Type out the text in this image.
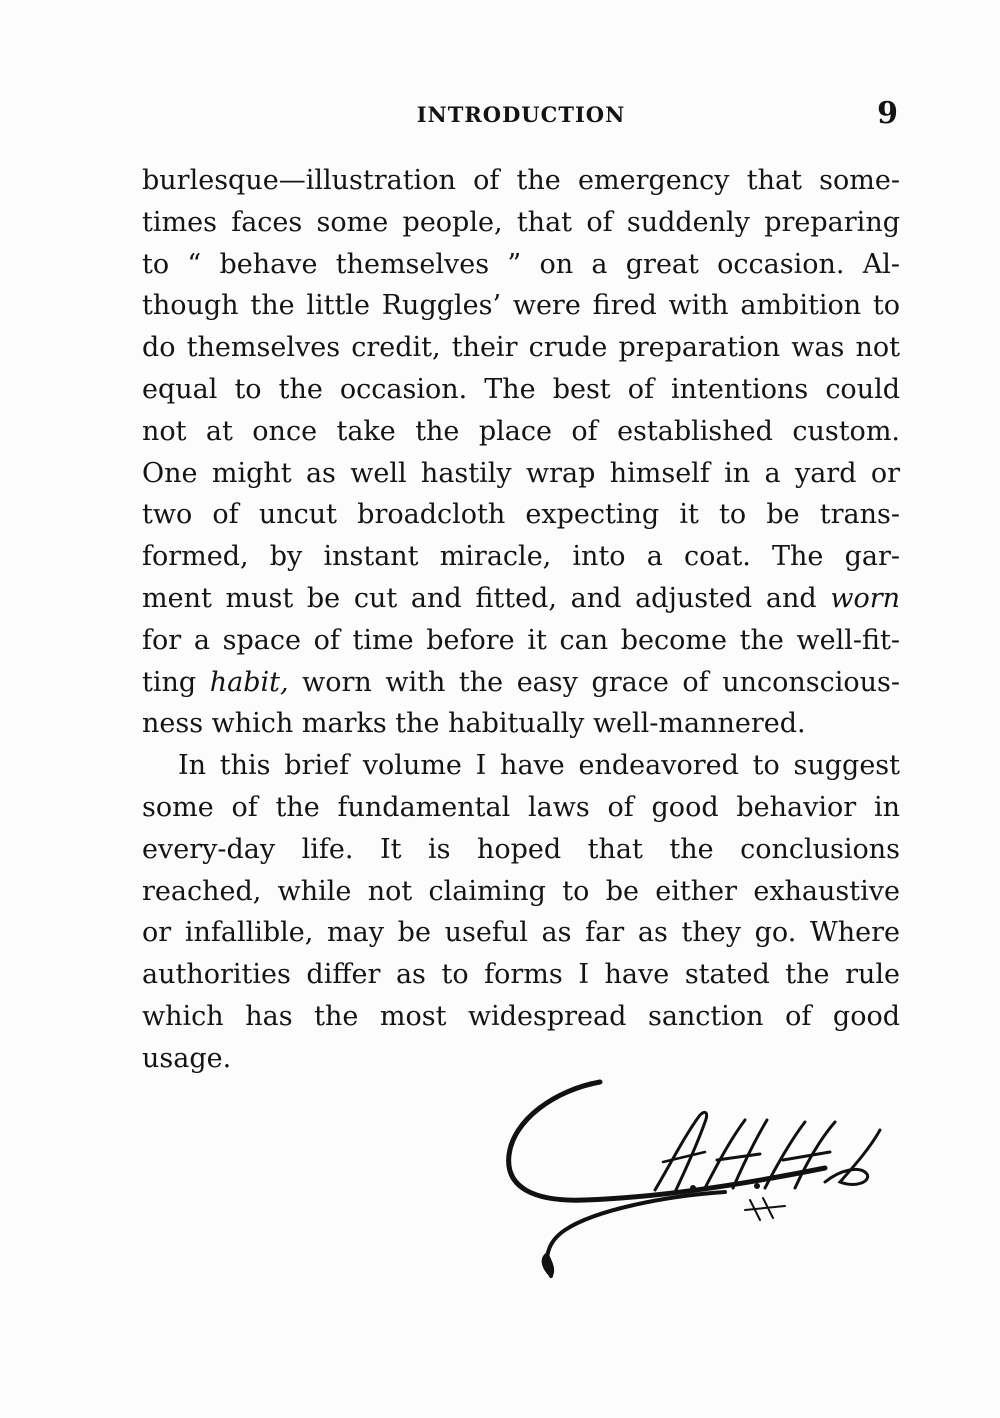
INTRODUCTION	9
burlesque—illustration of the emergency that some-
times faces some people, that of suddenly preparing
to “ behave themselves ” on a great occasion. Al-
though the little Ruggles’ were fired with ambition to
do themselves credit, their crude preparation was not
equal to the occasion. The best of intentions could
not at once take the place of established custom.
One might as well hastily wrap himself in a yard or
two of uncut broadcloth expecting it to be trans-
formed, by instant miracle, into a coat. The gar-
ment must be cut and fitted, and adjusted and worn
for a space of time before it can become the well-fit-
ting habit, worn with the easy grace of unconscious-
ness which marks the habitually well-mannered.
In this brief volume I have endeavored to suggest
some of the fundamental laws of good behavior in
every-day life. It is hoped that the conclusions
reached, while not claiming to be either exhaustive
or infallible, may be useful as far as they go. Where
authorities differ as to forms I have stated the rule
which has the most widespread sanction of good
usage.
